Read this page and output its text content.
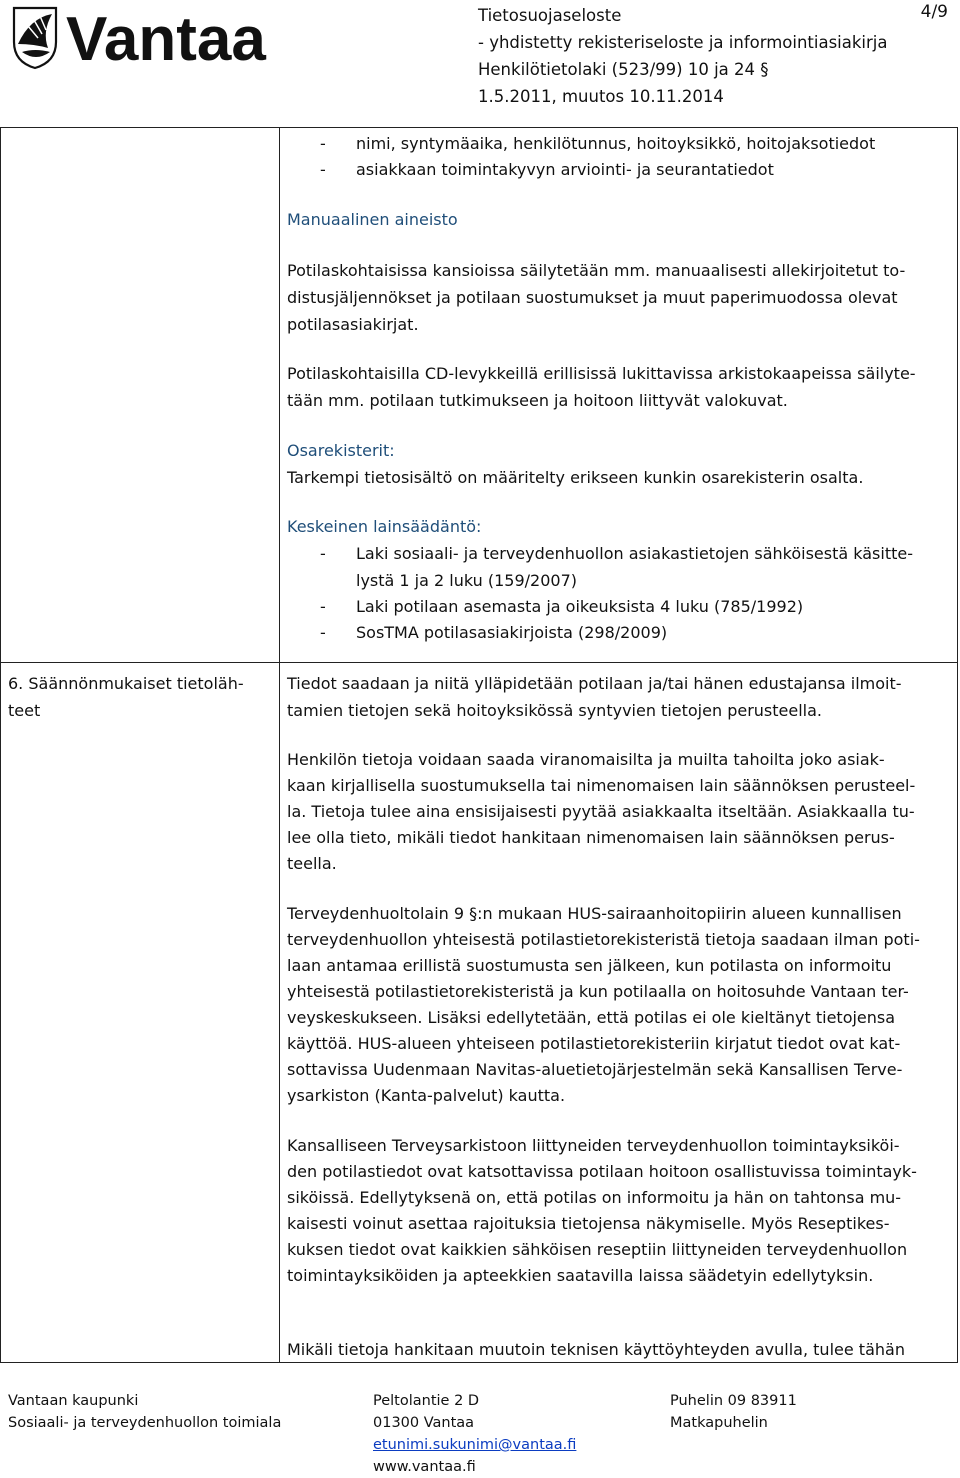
Vantaa	Tietosuojaseloste
- yhdistetty rekisteriseloste ja informointiasiakirja
Henkilötietolaki (523/99) 10 ja 24 §
1.5.2011, muutos 10.11.2014
4/9
-	nimi, syntymäaika, henkilötunnus, hoitoyksikkö, hoitojaksotiedot
-	asiakkaan toimintakyvyn arviointi- ja seurantatiedot
Manuaalinen aineisto
Potilaskohtaisissa kansioissa säilytetään mm. manuaalisesti allekirjoitetut to-
distusjäljennökset ja potilaan suostumukset ja muut paperimuodossa olevat
potilasasiakirjat.
Potilaskohtaisilla CD-levykkeillä erillisissä lukittavissa arkistokaapeissa säilyte-
tään mm. potilaan tutkimukseen ja hoitoon liittyvät valokuvat.
Osarekisterit:
Tarkempi tietosisältö on määritelty erikseen kunkin osarekisterin osalta.
Keskeinen lainsäädäntö:
-	Laki sosiaali- ja terveydenhuollon asiakastietojen sähköisestä käsitte-
lystä 1 ja 2 luku (159/2007)
-	Laki potilaan asemasta ja oikeuksista 4 luku (785/1992)
-	SosTMA potilasasiakirjoista (298/2009)
6. Säännönmukaiset tietoläh-
teet
Tiedot saadaan ja niitä ylläpidetään potilaan ja/tai hänen edustajansa ilmoit-
tamien tietojen sekä hoitoyksikössä syntyvien tietojen perusteella.
Henkilön tietoja voidaan saada viranomaisilta ja muilta tahoilta joko asiak-
kaan kirjallisella suostumuksella tai nimenomaisen lain säännöksen perusteel-
la. Tietoja tulee aina ensisijaisesti pyytää asiakkaalta itseltään. Asiakkaalla tu-
lee olla tieto, mikäli tiedot hankitaan nimenomaisen lain säännöksen perus-
teella.
Terveydenhuoltolain 9 §:n mukaan HUS-sairaanhoitopiirin alueen kunnallisen
terveydenhuollon yhteisestä potilastietorekisteristä tietoja saadaan ilman poti-
laan antamaa erillistä suostumusta sen jälkeen, kun potilasta on informoitu
yhteisestä potilastietorekisteristä ja kun potilaalla on hoitosuhde Vantaan ter-
veyskeskukseen. Lisäksi edellytetään, että potilas ei ole kieltänyt tietojensa
käyttöä. HUS-alueen yhteiseen potilastietorekisteriin kirjatut tiedot ovat kat-
sottavissa Uudenmaan Navitas-aluetietojärjestelmän sekä Kansallisen Terve-
ysarkiston (Kanta-palvelut) kautta.
Kansalliseen Terveysarkistoon liittyneiden terveydenhuollon toimintayksiköi-
den potilastiedot ovat katsottavissa potilaan hoitoon osallistuvissa toimintayk-
siköissä. Edellytyksenä on, että potilas on informoitu ja hän on tahtonsa mu-
kaisesti voinut asettaa rajoituksia tietojensa näkymiselle. Myös Reseptikes-
kuksen tiedot ovat kaikkien sähköisen reseptiin liittyneiden terveydenhuollon
toimintayksiköiden ja apteekkien saatavilla laissa säädetyin edellytyksin.
Mikäli tietoja hankitaan muutoin teknisen käyttöyhteyden avulla, tulee tähän
Vantaan kaupunki
Sosiaali- ja terveydenhuollon toimiala
Peltolantie 2 D
01300 Vantaa
etunimi.sukunimi@vantaa.fi
www.vantaa.fi
Puhelin 09 83911
Matkapuhelin
